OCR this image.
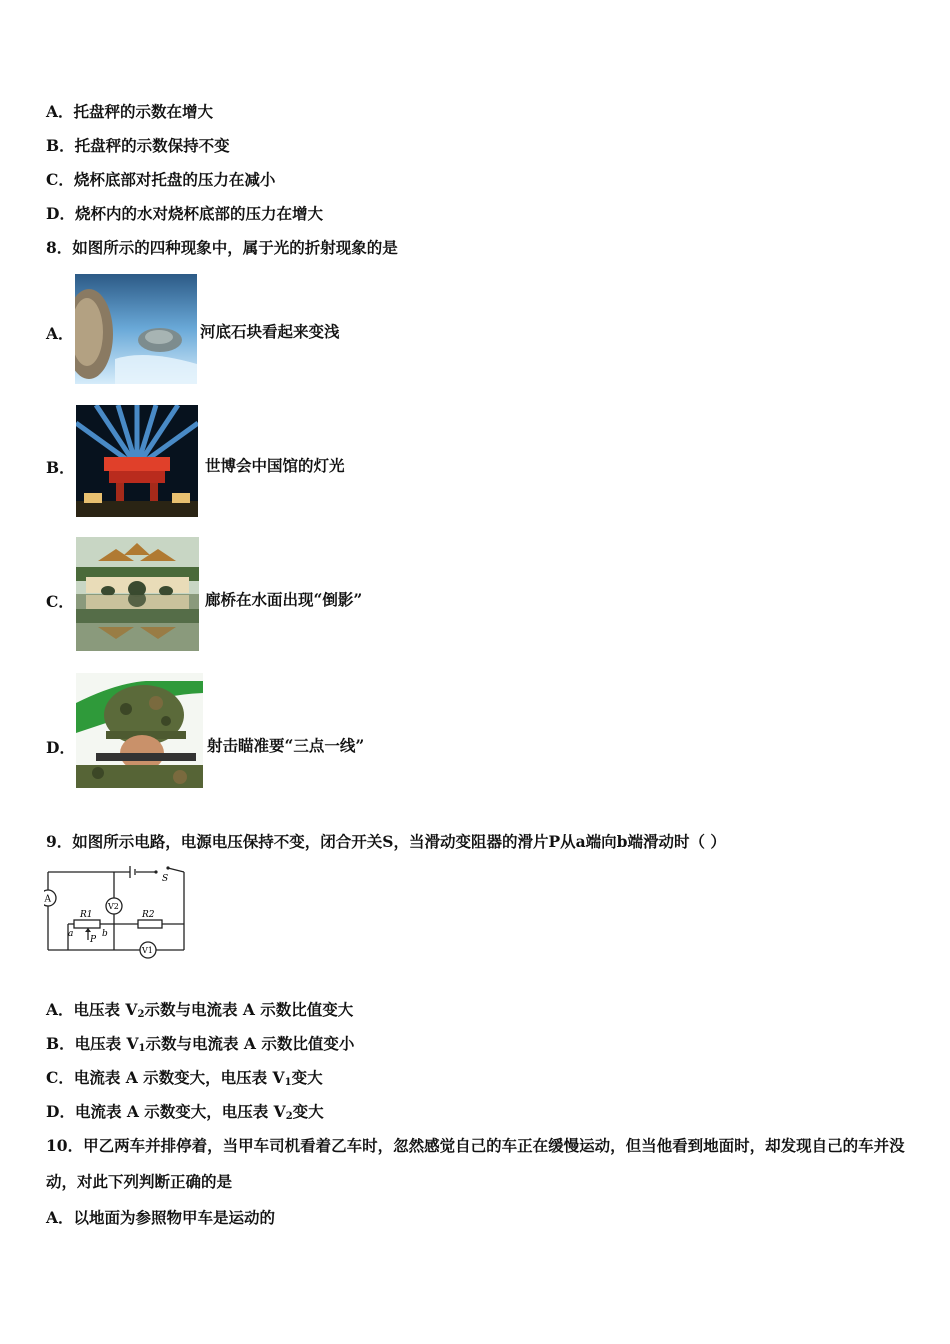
A．托盘秤的示数在增大
B．托盘秤的示数保持不变
C．烧杯底部对托盘的压力在减小
D．烧杯内的水对烧杯底部的压力在增大
8．如图所示的四种现象中，属于光的折射现象的是
A．	河底石块看起来变浅
B．	世博会中国馆的灯光
C．	廊桥在水面出现“倒影”
D．	射击瞄准要“三点一线”
9．如图所示电路，电源电压保持不变，闭合开关S，当滑动变阻器的滑片P从a端向b端滑动时（ ）
A
V2
V1
R1	R2
S
a	b
P
A．电压表 $V_2$示数与电流表 A 示数比值变大
B．电压表 $V_1$示数与电流表 A 示数比值变小
C．电流表 A 示数变大，电压表 $V_1$变大
D．电流表 A 示数变大，电压表 $V_2$变大
10．甲乙两车并排停着，当甲车司机看着乙车时，忽然感觉自己的车正在缓慢运动，但当他看到地面时，却发现自己的车并没动，对此下列判断正确的是
A．以地面为参照物甲车是运动的
